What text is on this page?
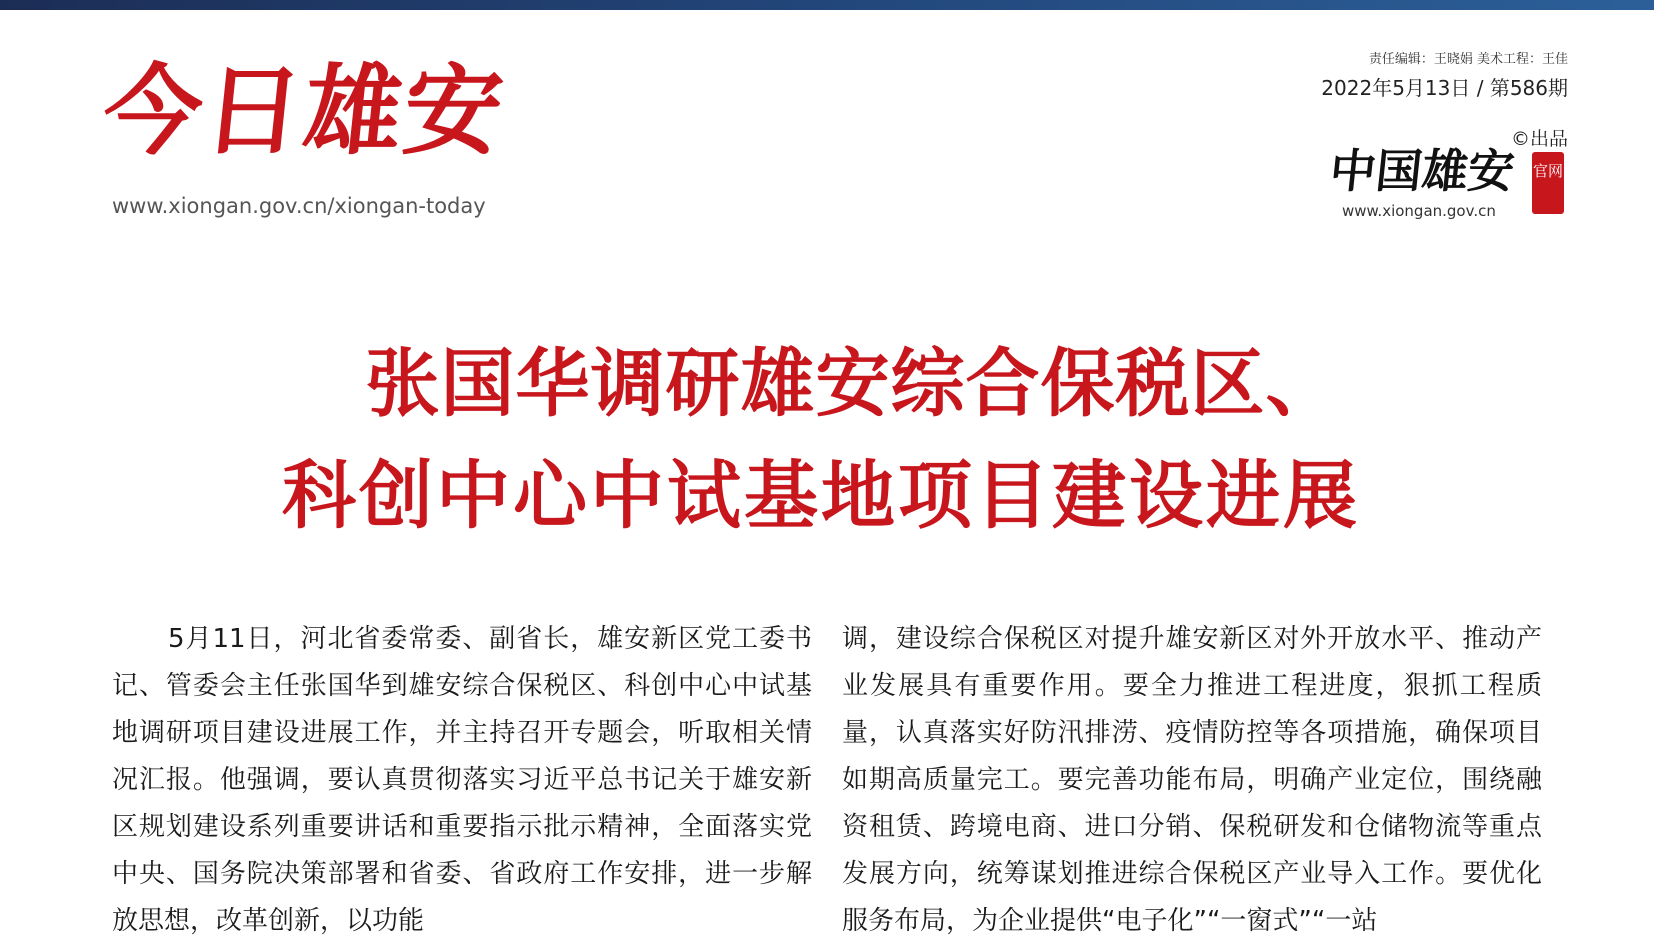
今日雄安
www.xiongan.gov.cn/xiongan-today
责任编辑：王晓娟 美术工程：王佳
2022年5月13日 / 第586期
©出品
中国雄安 官网
www.xiongan.gov.cn
张国华调研雄安综合保税区、
科创中心中试基地项目建设进展

5月11日，河北省委常委、副省长，雄安新区党工委书记、管委会主任张国华到雄安综合保税区、科创中心中试基地调研项目建设进展工作，并主持召开专题会，听取相关情况汇报。他强调，要认真贯彻落实习近平总书记关于雄安新区规划建设系列重要讲话和重要指示批示精神，全面落实党中央、国务院决策部署和省委、省政府工作安排，进一步解放思想，改革创新，以功能

调，建设综合保税区对提升雄安新区对外开放水平、推动产业发展具有重要作用。要全力推进工程进度，狠抓工程质量，认真落实好防汛排涝、疫情防控等各项措施，确保项目如期高质量完工。要完善功能布局，明确产业定位，围绕融资租赁、跨境电商、进口分销、保税研发和仓储物流等重点发展方向，统筹谋划推进综合保税区产业导入工作。要优化服务布局，为企业提供“电子化”“一窗式”“一站
